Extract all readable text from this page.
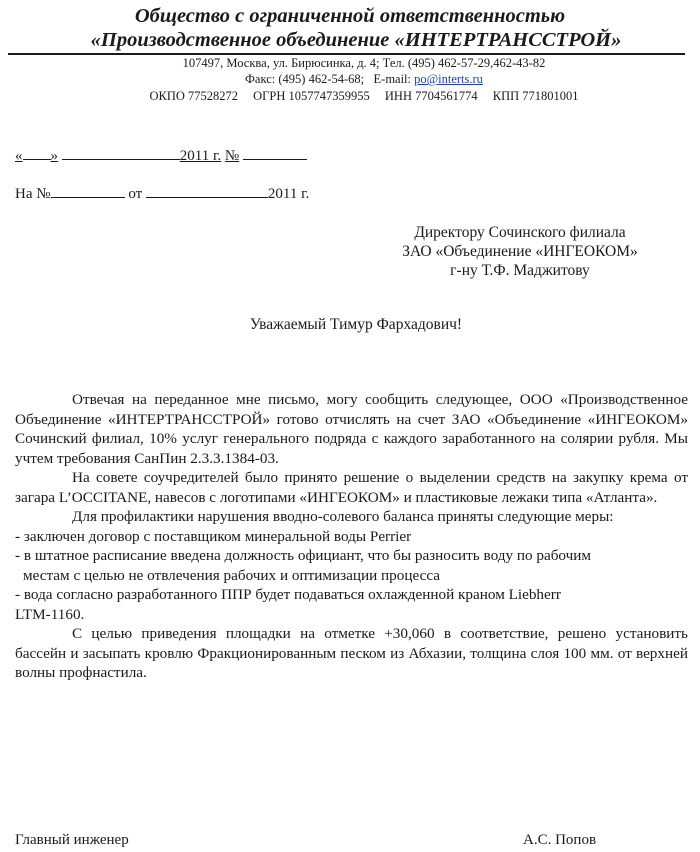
Общество с ограниченной ответственностью
«Производственное объединение «ИНТЕРТРАНССТРОЙ»
107497, Москва, ул. Бирюсинка, д. 4; Тел. (495) 462-57-29,462-43-82
Факс: (495) 462-54-68; E-mail: po@interts.ru
ОКПО 77528272 ОГРН 1057747359955 ИНН 7704561774 КПП 771801001
« »	2011 г. №
На №	от	2011 г.
Директору Сочинского филиала
ЗАО «Объединение «ИНГЕОКОМ»
г-ну Т.Ф. Маджитову
Уважаемый Тимур Фархадович!

Отвечая на переданное мне письмо, могу сообщить следующее, ООО «Производственное Объединение «ИНТЕРТРАНССТРОЙ» готово отчислять на счет ЗАО «Объединение «ИНГЕОКОМ» Сочинский филиал, 10% услуг генерального подряда с каждого заработанного на солярии рубля. Мы учтем требования СанПин 2.3.3.1384-03.

На совете соучредителей было принято решение о выделении средств на закупку крема от загара L’OCCITANE, навесов с логотипами «ИНГЕОКОМ» и пластиковые лежаки типа «Атланта».

Для профилактики нарушения вводно-солевого баланса приняты следующие меры:

- заключен договор с поставщиком минеральной воды Perrier

- в штатное расписание введена должность официант, что бы разносить воду по рабочим

местам с целью не отвлечения рабочих и оптимизации процесса

- вода согласно разработанного ППР будет подаваться охлажденной краном Liebherr LTM-1160.

С целью приведения площадки на отметке +30,060 в соответствие, решено установить бассейн и засыпать кровлю Фракционированным песком из Абхазии, толщина слоя 100 мм. от верхней волны профнастила.

Главный инженер	А.С. Попов
